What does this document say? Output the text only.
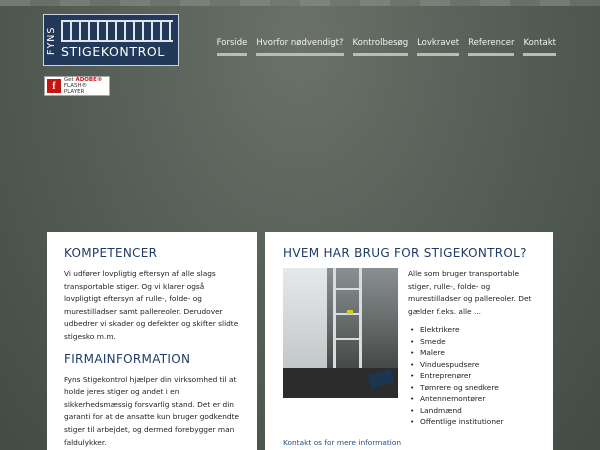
FYNS STIGEKONTROL
f
Get ADOBE®
FLASH® PLAYER
Forside Hvorfor nødvendigt? Kontrolbesøg Lovkravet Referencer Kontakt
KOMPETENCER

Vi udfører lovpligtig eftersyn af alle slags transportable stiger. Og vi klarer også lovpligtigt eftersyn af rulle-, folde- og murestilladser samt pallereoler. Derudover udbedrer vi skader og defekter og skifter slidte stigesko m.m.

FIRMAINFORMATION

Fyns Stigekontrol hjælper din virksomhed til at holde jeres stiger og andet i en sikkerhedsmæssig forsvarlig stand. Det er din garanti for at de ansatte kun bruger godkendte stiger til arbejdet, og dermed forebygger man faldulykker.

HVEM HAR BRUG FOR STIGEKONTROL?

Alle som bruger transportable stiger, rulle-, folde- og murestilladser og pallereoler. Det gælder f.eks. alle ...

• Elektrikere
• Smede
• Malere
• Vinduespudsere
• Entreprenører
• Tømrere og snedkere
• Antennemontører
• Landmænd
• Offentlige institutioner
Kontakt os for mere information
